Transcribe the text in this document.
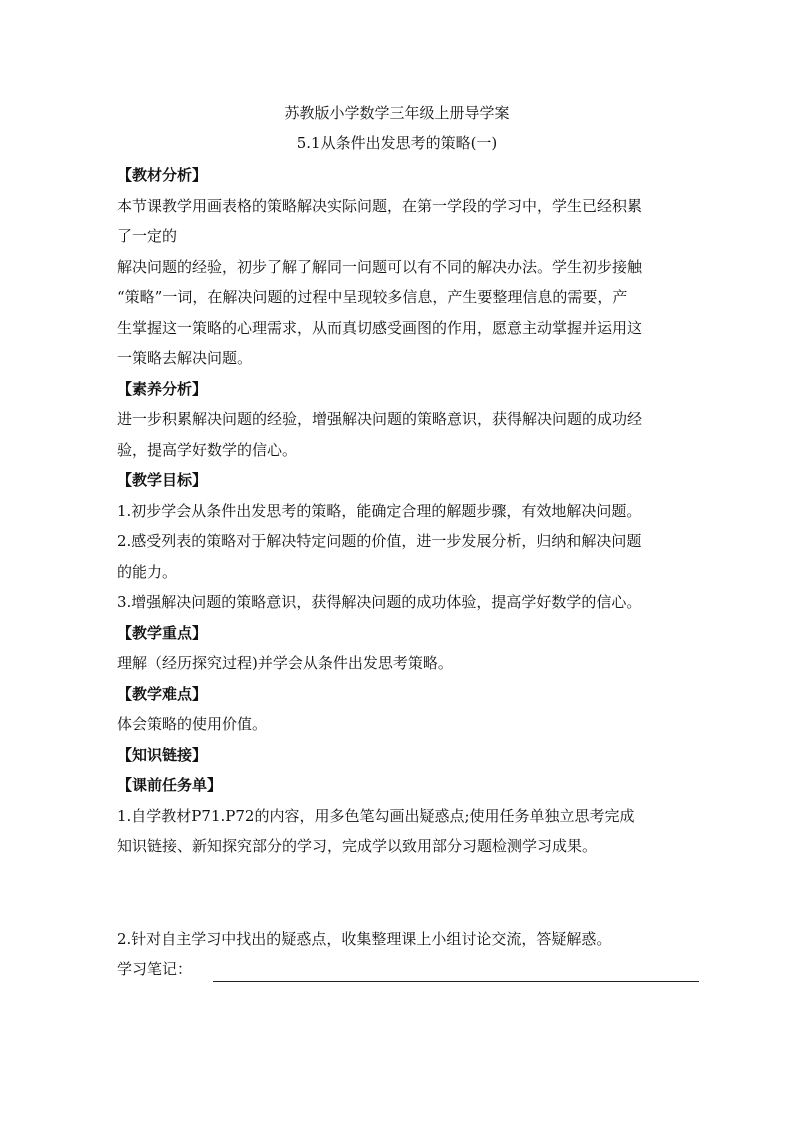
苏教版小学数学三年级上册导学案
5.1从条件出发思考的策略(一)

【教材分析】

本节课教学用画表格的策略解决实际问题，在第一学段的学习中，学生已经积累

了一定的

解决问题的经验，初步了解了解同一问题可以有不同的解决办法。学生初步接触

“策略”一词，在解决问题的过程中呈现较多信息，产生要整理信息的需要，产

生掌握这一策略的心理需求，从而真切感受画图的作用，愿意主动掌握并运用这

一策略去解决问题。

【素养分析】

进一步积累解决问题的经验，增强解决问题的策略意识，获得解决问题的成功经

验，提高学好数学的信心。

【教学目标】

1.初步学会从条件出发思考的策略，能确定合理的解题步骤，有效地解决问题。

2.感受列表的策略对于解决特定问题的价值，进一步发展分析，归纳和解决问题

的能力。

3.增强解决问题的策略意识，获得解决问题的成功体验，提高学好数学的信心。

【教学重点】

理解（经历探究过程)并学会从条件出发思考策略。

【教学难点】

体会策略的使用价值。

【知识链接】

【课前任务单】

1.自学教材P71.P72的内容，用多色笔勾画出疑惑点;使用任务单独立思考完成

知识链接、新知探究部分的学习，完成学以致用部分习题检测学习成果。

2.针对自主学习中找出的疑惑点，收集整理课上小组讨论交流，答疑解惑。

学习笔记：
